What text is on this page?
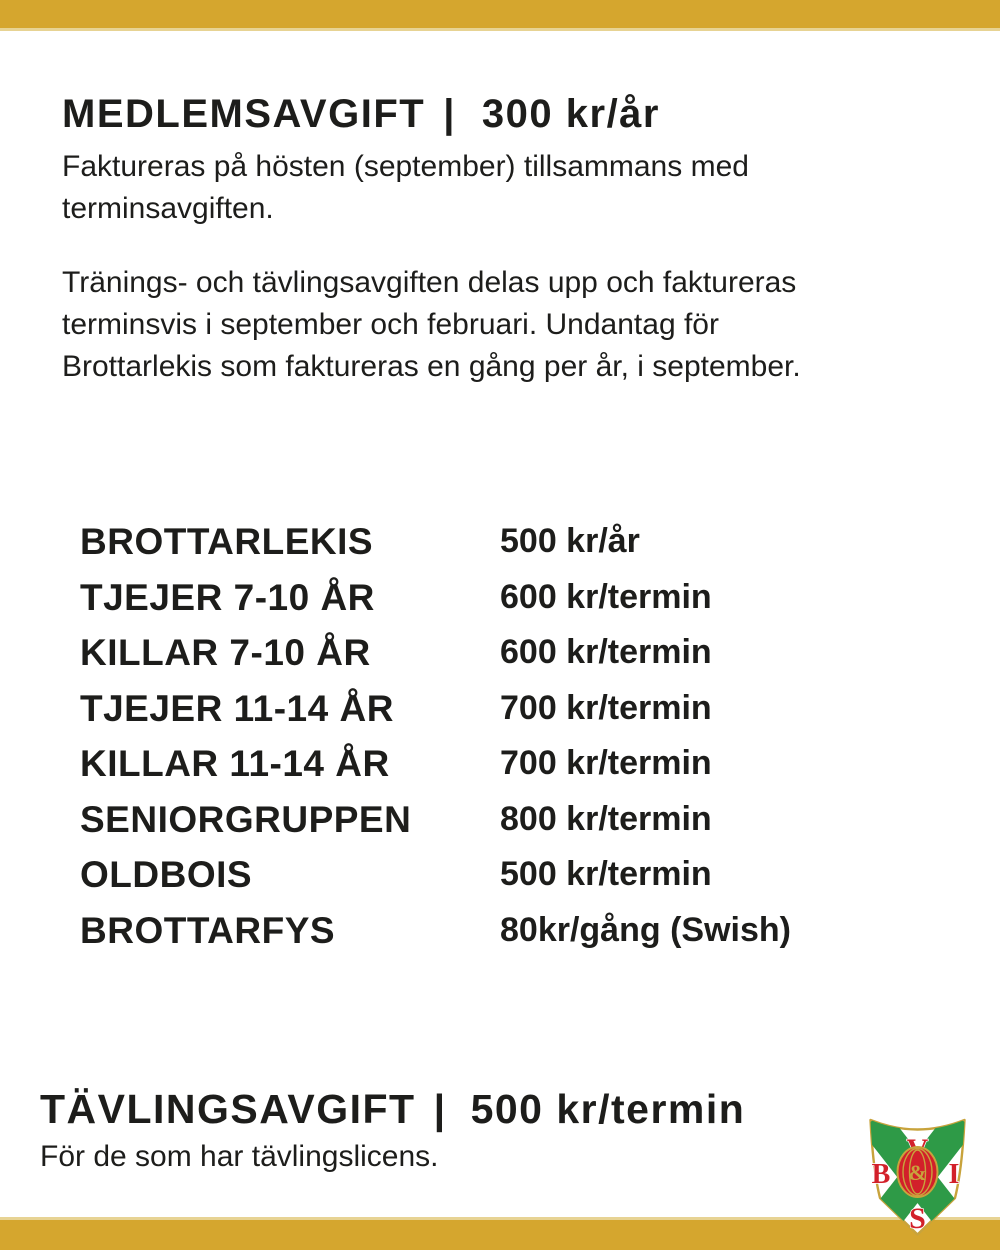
MEDLEMSAVGIFT | 300 kr/år
Faktureras på hösten (september) tillsammans med
terminsavgiften.
Tränings- och tävlingsavgiften delas upp och faktureras
terminsvis i september och februari. Undantag för
Brottarlekis som faktureras en gång per år, i september.
BROTTARLEKIS	500 kr/år
TJEJER 7-10 ÅR	600 kr/termin
KILLAR 7-10 ÅR	600 kr/termin
TJEJER 11-14 ÅR	700 kr/termin
KILLAR 11-14 ÅR	700 kr/termin
SENIORGRUPPEN	800 kr/termin
OLDBOIS	500 kr/termin
BROTTARFYS	80kr/gång (Swish)
TÄVLINGSAVGIFT | 500 kr/termin
För de som har tävlingslicens.
B I
S
&
